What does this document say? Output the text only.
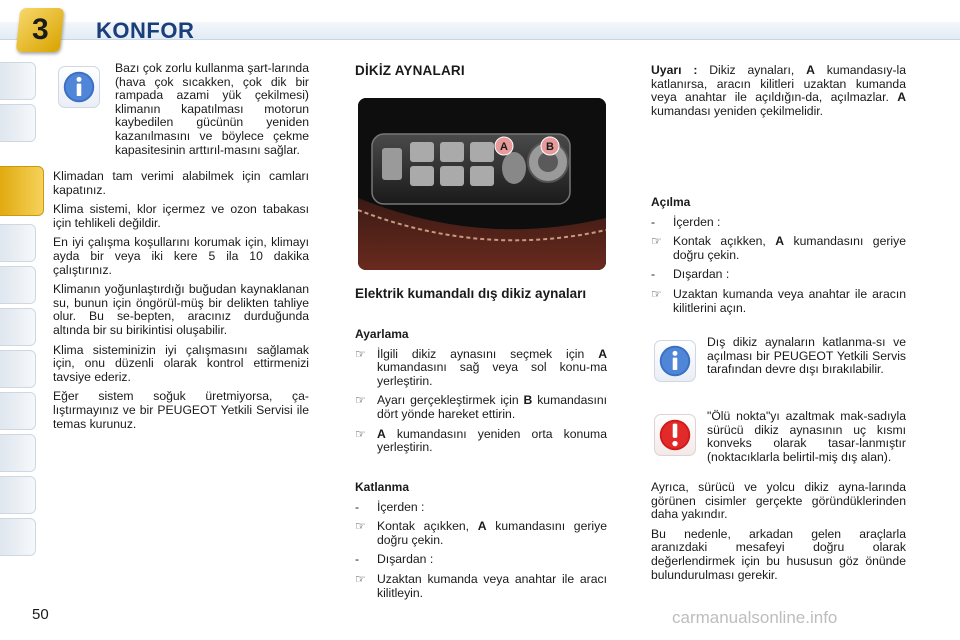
3 KONFOR

Bazı çok zorlu kullanma şart-larında (hava çok sıcakken, çok dik bir rampada azami yük çekilmesi) klimanın kapatılması motorun kaybedilen gücünün yeniden kazanılmasını ve böylece çekme kapasitesinin arttırıl-masını sağlar.

Klimadan tam verimi alabilmek için camları kapatınız.

Klima sistemi, klor içermez ve ozon tabakası için tehlikeli değildir.

En iyi çalışma koşullarını korumak için, klimayı ayda bir veya iki kere 5 ila 10 dakika çalıştırınız.

Klimanın yoğunlaştırdığı buğudan kaynaklanan su, bunun için öngörül-müş bir delikten tahliye olur. Bu se-bepten, aracınız durduğunda altında bir su birikintisi oluşabilir.

Klima sisteminizin iyi çalışmasını sağlamak için, onu düzenli olarak kontrol ettirmenizi tavsiye ederiz.

Eğer sistem soğuk üretmiyorsa, ça-lıştırmayınız ve bir PEUGEOT Yetkili Servisi ile temas kurunuz.

DİKİZ AYNALARI
A	B
Elektrik kumandalı dış dikiz aynaları
Ayarlama
☞ İlgili dikiz aynasını seçmek için A kumandasını sağ veya sol konu-ma yerleştirin.
☞ Ayarı gerçekleştirmek için B kumandasını dört yönde hareket ettirin.
☞ A kumandasını yeniden orta konuma yerleştirin.
Katlanma
-	İçerden :
☞ Kontak açıkken, A kumandasını geriye doğru çekin.
-	Dışardan :
☞ Uzaktan kumanda veya anahtar ile aracı kilitleyin.

Uyarı : Dikiz aynaları, A kumandasıy-la katlanırsa, aracın kilitleri uzaktan kumanda veya anahtar ile açıldığın-da, açılmazlar. A kumandası yeniden çekilmelidir.

Açılma
-	İçerden :
☞ Kontak açıkken, A kumandasını geriye doğru çekin.
-	Dışardan :
☞ Uzaktan kumanda veya anahtar ile aracın kilitlerini açın.

Dış dikiz aynaların katlanma-sı ve açılması bir PEUGEOT Yetkili Servis tarafından devre dışı bırakılabilir.

"Ölü nokta"yı azaltmak mak-sadıyla sürücü dikiz aynasının uç kısmı konveks olarak tasar-lanmıştır (noktacıklarla belirtil-miş dış alan).

Ayrıca, sürücü ve yolcu dikiz ayna-larında görünen cisimler gerçekte göründüklerinden daha yakındır.

Bu nedenle, arkadan gelen araçlarla aranızdaki mesafeyi doğru olarak değerlendirmek için bu hususun göz önünde bulundurulması gerekir.

50	carmanualsonline.info
